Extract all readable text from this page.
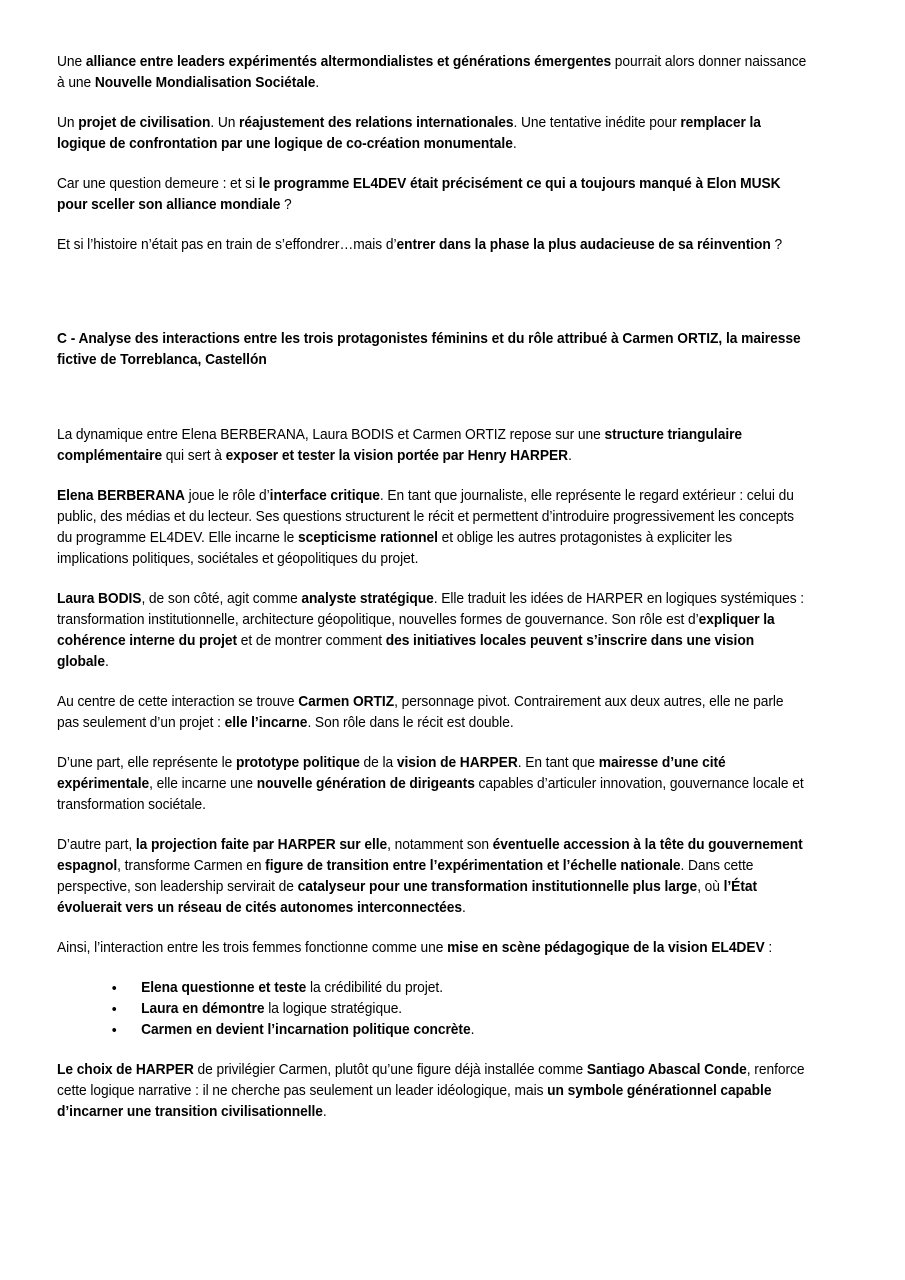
Une alliance entre leaders expérimentés altermondialistes et générations émergentes pourrait alors donner naissance à une Nouvelle Mondialisation Sociétale.

Un projet de civilisation. Un réajustement des relations internationales. Une tentative inédite pour remplacer la logique de confrontation par une logique de co-création monumentale.

Car une question demeure : et si le programme EL4DEV était précisément ce qui a toujours manqué à Elon MUSK pour sceller son alliance mondiale ?

Et si l’histoire n’était pas en train de s’effondrer…mais d’entrer dans la phase la plus audacieuse de sa réinvention ?

C - Analyse des interactions entre les trois protagonistes féminins et du rôle attribué à Carmen ORTIZ, la mairesse fictive de Torreblanca, Castellón

La dynamique entre Elena BERBERANA, Laura BODIS et Carmen ORTIZ repose sur une structure triangulaire complémentaire qui sert à exposer et tester la vision portée par Henry HARPER.

Elena BERBERANA joue le rôle d’interface critique. En tant que journaliste, elle représente le regard extérieur : celui du public, des médias et du lecteur. Ses questions structurent le récit et permettent d’introduire progressivement les concepts du programme EL4DEV. Elle incarne le scepticisme rationnel et oblige les autres protagonistes à expliciter les implications politiques, sociétales et géopolitiques du projet.

Laura BODIS, de son côté, agit comme analyste stratégique. Elle traduit les idées de HARPER en logiques systémiques : transformation institutionnelle, architecture géopolitique, nouvelles formes de gouvernance. Son rôle est d’expliquer la cohérence interne du projet et de montrer comment des initiatives locales peuvent s’inscrire dans une vision globale.

Au centre de cette interaction se trouve Carmen ORTIZ, personnage pivot. Contrairement aux deux autres, elle ne parle pas seulement d’un projet : elle l’incarne. Son rôle dans le récit est double.

D’une part, elle représente le prototype politique de la vision de HARPER. En tant que mairesse d’une cité expérimentale, elle incarne une nouvelle génération de dirigeants capables d’articuler innovation, gouvernance locale et transformation sociétale.

D’autre part, la projection faite par HARPER sur elle, notamment son éventuelle accession à la tête du gouvernement espagnol, transforme Carmen en figure de transition entre l’expérimentation et l’échelle nationale. Dans cette perspective, son leadership servirait de catalyseur pour une transformation institutionnelle plus large, où l’État évoluerait vers un réseau de cités autonomes interconnectées.

Ainsi, l’interaction entre les trois femmes fonctionne comme une mise en scène pédagogique de la vision EL4DEV :

• Elena questionne et teste la crédibilité du projet.
• Laura en démontre la logique stratégique.
• Carmen en devient l’incarnation politique concrète.

Le choix de HARPER de privilégier Carmen, plutôt qu’une figure déjà installée comme Santiago Abascal Conde, renforce cette logique narrative : il ne cherche pas seulement un leader idéologique, mais un symbole générationnel capable d’incarner une transition civilisationnelle.
